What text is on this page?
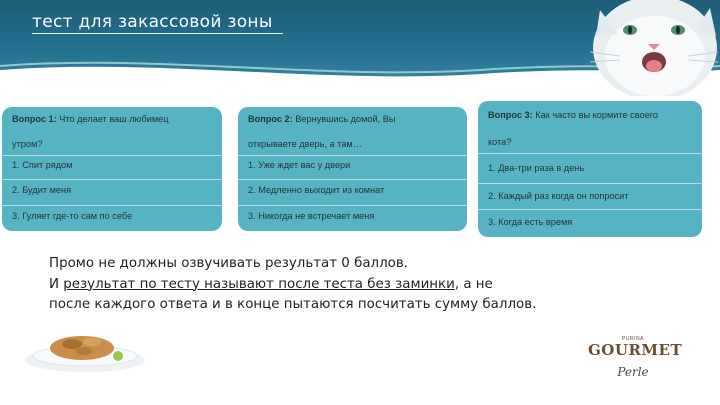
тест для закассовой зоны
Вопрос 1: Что делает ваш любимец
утром?
1. Спит рядом
2. Будит меня
3. Гуляет где-то сам по себе
Вопрос 2: Вернувшись домой, Вы
открываете дверь, а там…
1. Уже ждет вас у двери
2. Медленно выходит из комнат
3. Никогда не встречает меня
Вопрос 3: Как часто вы кормите своего
кота?
1. Два-три раза в день
2. Каждый раз когда он попросит
3. Когда есть время
Промо не должны озвучивать результат 0 баллов.
И результат по тесту называют после теста без заминки, а не
после каждого ответа и в конце пытаются посчитать сумму баллов.
PURINA
GOURMET
Perle
